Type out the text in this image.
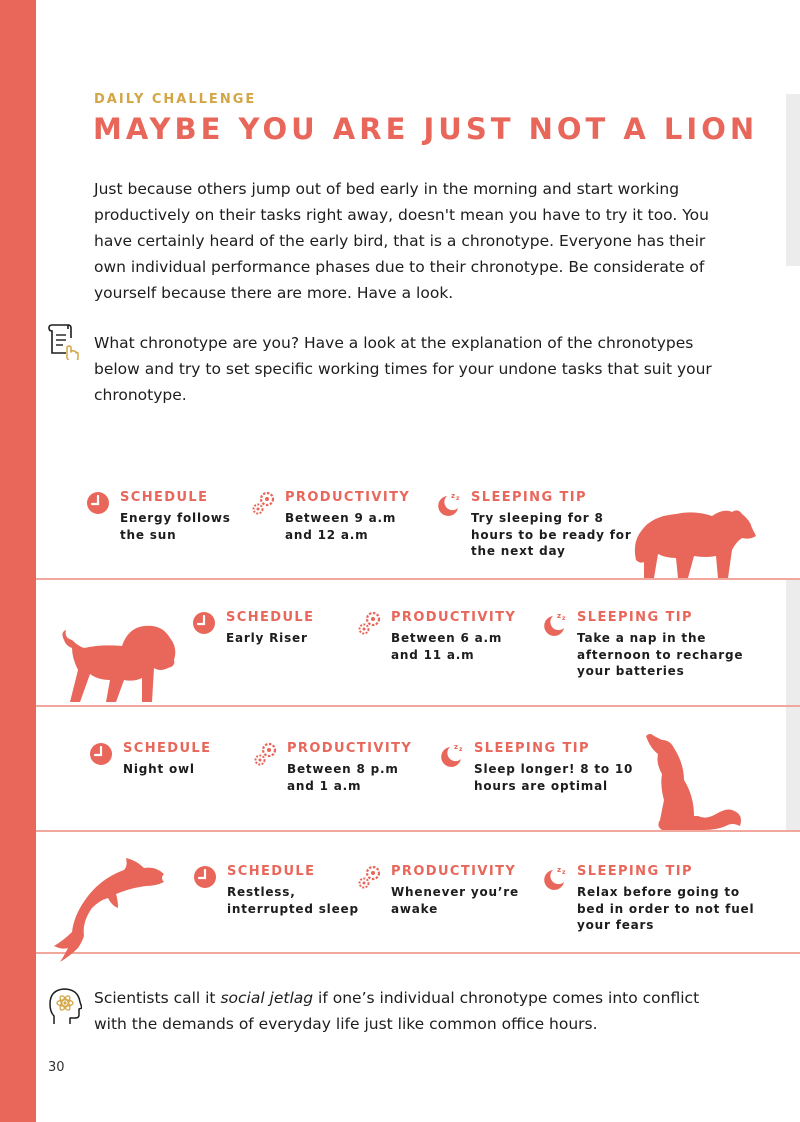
DAILY CHALLENGE
MAYBE YOU ARE JUST NOT A LION

Just because others jump out of bed early in the morning and start working productively on their tasks right away, doesn't mean you have to try it too. You have certainly heard of the early bird, that is a chronotype. Everyone has their own individual performance phases due to their chronotype. Be considerate of yourself because there are more. Have a look.

What chronotype are you? Have a look at the explanation of the chronotypes below and try to set specific working times for your undone tasks that suit your chronotype.

SCHEDULE
Energy follows
the sun
PRODUCTIVITY
Between 9 a.m
and 12 a.m
z z SLEEPING TIP
Try sleeping for 8
hours to be ready for
the next day
SCHEDULE
Early Riser
PRODUCTIVITY
Between 6 a.m
and 11 a.m
z z SLEEPING TIP
Take a nap in the
afternoon to recharge
your batteries
SCHEDULE
Night owl
PRODUCTIVITY
Between 8 p.m
and 1 a.m
z z SLEEPING TIP
Sleep longer! 8 to 10
hours are optimal
SCHEDULE
Restless,
interrupted sleep
PRODUCTIVITY
Whenever you’re
awake
z z SLEEPING TIP
Relax before going to
bed in order to not fuel
your fears

Scientists call it social jetlag if one’s individual chronotype comes into conflict with the demands of everyday life just like common office hours.

30
